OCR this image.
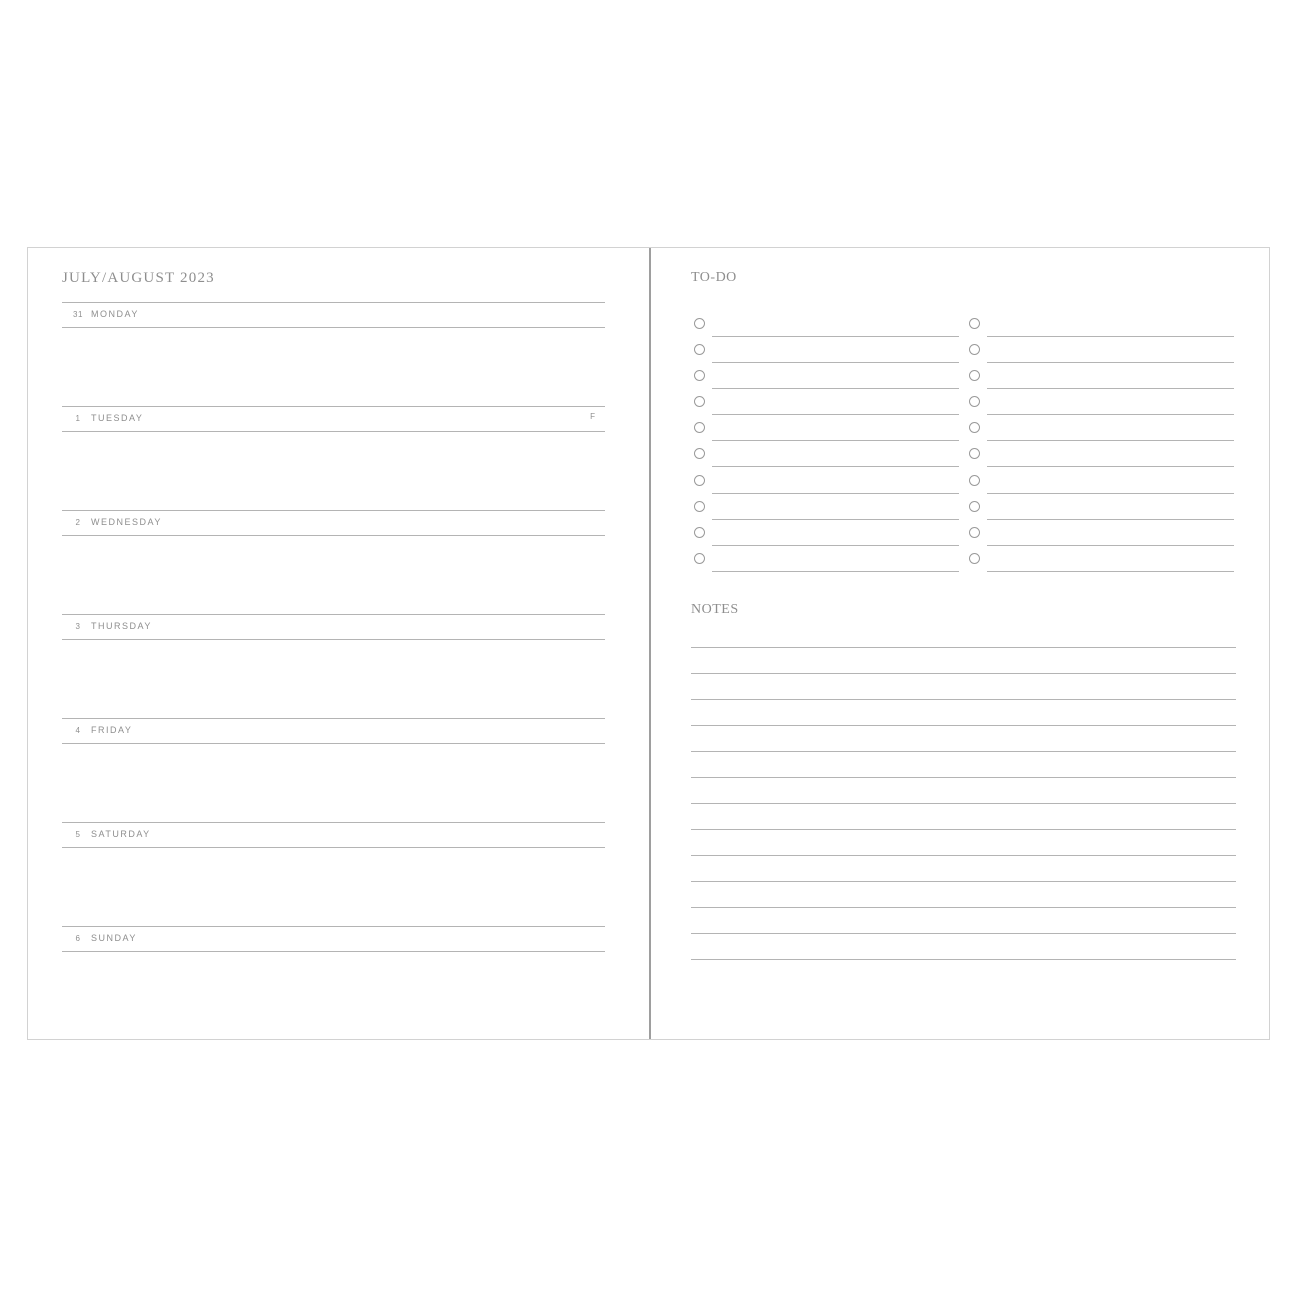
JULY/AUGUST 2023
31 MONDAY
1	TUESDAY	F
2	WEDNESDAY
3	THURSDAY
4	FRIDAY
5	SATURDAY
6	SUNDAY
TO-DO
NOTES
